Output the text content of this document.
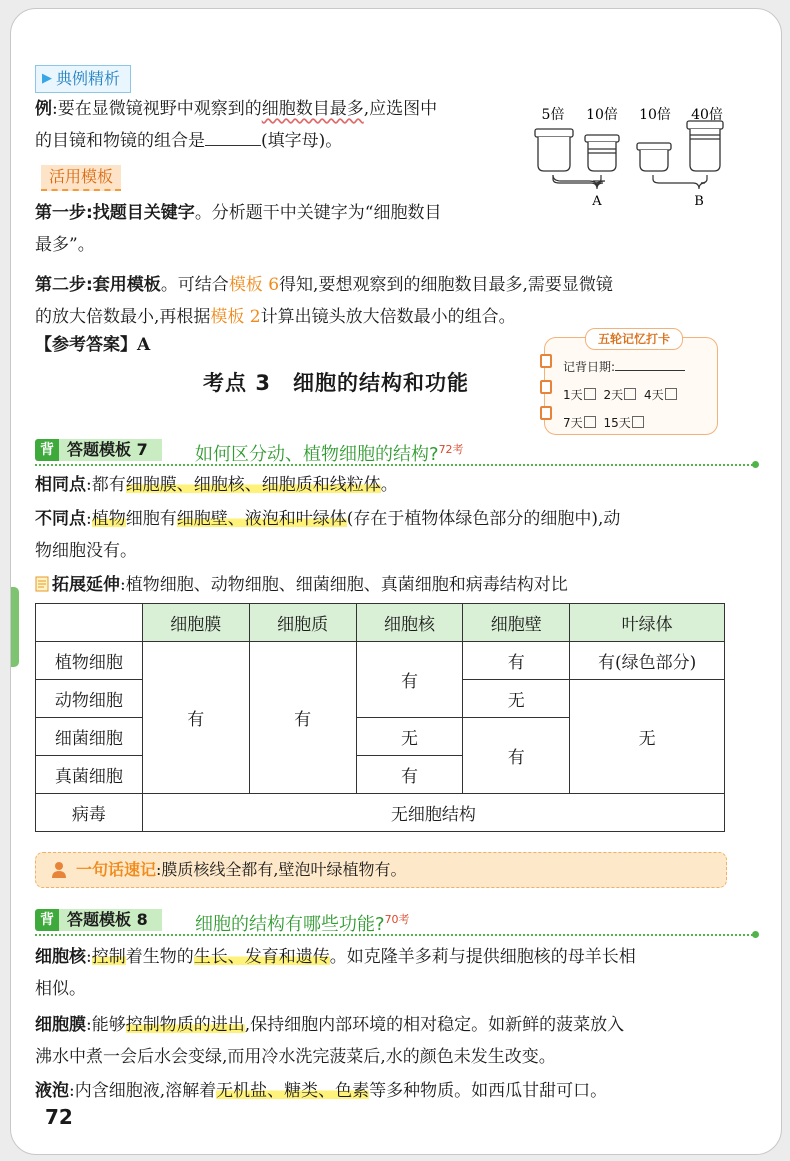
▶ 典例精析
例:要在显微镜视野中观察到的细胞数目最多,应选图中
的目镜和物镜的组合是	(填字母)。
5倍 10倍 10倍 40倍
A	B
活用模板
第一步:找题目关键字。分析题干中关键字为“细胞数目
最多”。
第二步:套用模板。可结合模板 6得知,要想观察到的细胞数目最多,需要显微镜
的放大倍数最小,再根据模板 2计算出镜头放大倍数最小的组合。
【参考答案】A
考点 3　细胞的结构和功能
五轮记忆打卡
记背日期:
1天 2天 4天
7天 15天
背 答题模板 7	如何区分动、植物细胞的结构?$^{72考}$
相同点:都有细胞膜、细胞核、细胞质和线粒体。
不同点:植物细胞有细胞壁、液泡和叶绿体(存在于植物体绿色部分的细胞中),动
物细胞没有。
拓展延伸:植物细胞、动物细胞、细菌细胞、真菌细胞和病毒结构对比
	细胞膜	细胞质	细胞核	细胞壁	叶绿体
植物细胞	有	有	有	有	有(绿色部分)
动物细胞				无	无
细菌细胞			无	有	
真菌细胞			有		
病毒	无细胞结构				
一句话速记:膜质核线全都有,壁泡叶绿植物有。
背 答题模板 8	细胞的结构有哪些功能?$^{70考}$
细胞核:控制着生物的生长、发育和遗传。如克隆羊多莉与提供细胞核的母羊长相
相似。
细胞膜:能够控制物质的进出,保持细胞内部环境的相对稳定。如新鲜的菠菜放入
沸水中煮一会后水会变绿,而用冷水洗完菠菜后,水的颜色未发生改变。
液泡:内含细胞液,溶解着无机盐、糖类、色素等多种物质。如西瓜甘甜可口。
72
